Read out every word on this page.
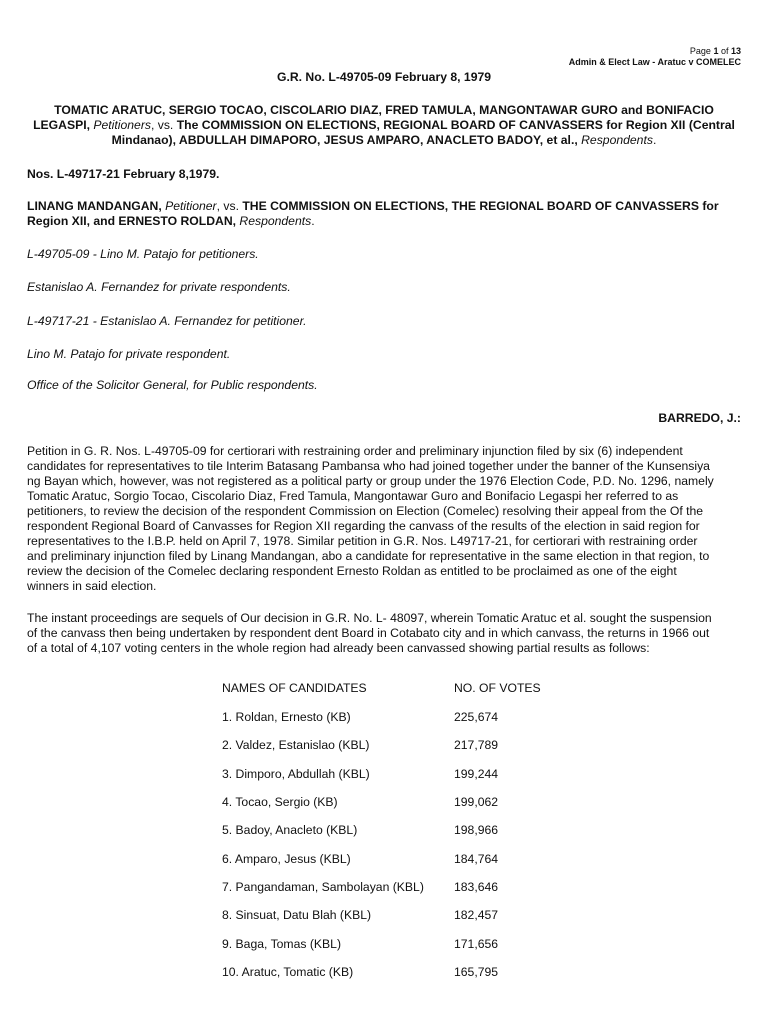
Page 1 of 13
Admin & Elect Law - Aratuc v COMELEC
G.R. No. L-49705-09 February 8, 1979
TOMATIC ARATUC, SERGIO TOCAO, CISCOLARIO DIAZ, FRED TAMULA, MANGONTAWAR GURO and BONIFACIO LEGASPI, Petitioners, vs. The COMMISSION ON ELECTIONS, REGIONAL BOARD OF CANVASSERS for Region XII (Central Mindanao), ABDULLAH DIMAPORO, JESUS AMPARO, ANACLETO BADOY, et al., Respondents.
Nos. L-49717-21 February 8,1979.
LINANG MANDANGAN, Petitioner, vs. THE COMMISSION ON ELECTIONS, THE REGIONAL BOARD OF CANVASSERS for Region XII, and ERNESTO ROLDAN, Respondents.
L-49705-09 - Lino M. Patajo for petitioners.
Estanislao A. Fernandez for private respondents.
L-49717-21 - Estanislao A. Fernandez for petitioner.
Lino M. Patajo for private respondent.
Office of the Solicitor General, for Public respondents.
BARREDO, J.:
Petition in G. R. Nos. L-49705-09 for certiorari with restraining order and preliminary injunction filed by six (6) independent
candidates for representatives to tile Interim Batasang Pambansa who had joined together under the banner of the Kunsensiya
ng Bayan which, however, was not registered as a political party or group under the 1976 Election Code, P.D. No. 1296, namely
Tomatic Aratuc, Sorgio Tocao, Ciscolario Diaz, Fred Tamula, Mangontawar Guro and Bonifacio Legaspi her referred to as
petitioners, to review the decision of the respondent Commission on Election (Comelec) resolving their appeal from the Of the
respondent Regional Board of Canvasses for Region XII regarding the canvass of the results of the election in said region for
representatives to the I.B.P. held on April 7, 1978. Similar petition in G.R. Nos. L49717-21, for certiorari with restraining order
and preliminary injunction filed by Linang Mandangan, abo a candidate for representative in the same election in that region, to
review the decision of the Comelec declaring respondent Ernesto Roldan as entitled to be proclaimed as one of the eight
winners in said election.
The instant proceedings are sequels of Our decision in G.R. No. L- 48097, wherein Tomatic Aratuc et al. sought the suspension
of the canvass then being undertaken by respondent dent Board in Cotabato city and in which canvass, the returns in 1966 out
of a total of 4,107 voting centers in the whole region had already been canvassed showing partial results as follows:
NAMES OF CANDIDATES	NO. OF VOTES
1. Roldan, Ernesto (KB)	225,674
2. Valdez, Estanislao (KBL)	217,789
3. Dimporo, Abdullah (KBL)	199,244
4. Tocao, Sergio (KB)	199,062
5. Badoy, Anacleto (KBL)	198,966
6. Amparo, Jesus (KBL)	184,764
7. Pangandaman, Sambolayan (KBL) 183,646
8. Sinsuat, Datu Blah (KBL)	182,457
9. Baga, Tomas (KBL)	171,656
10. Aratuc, Tomatic (KB)	165,795
